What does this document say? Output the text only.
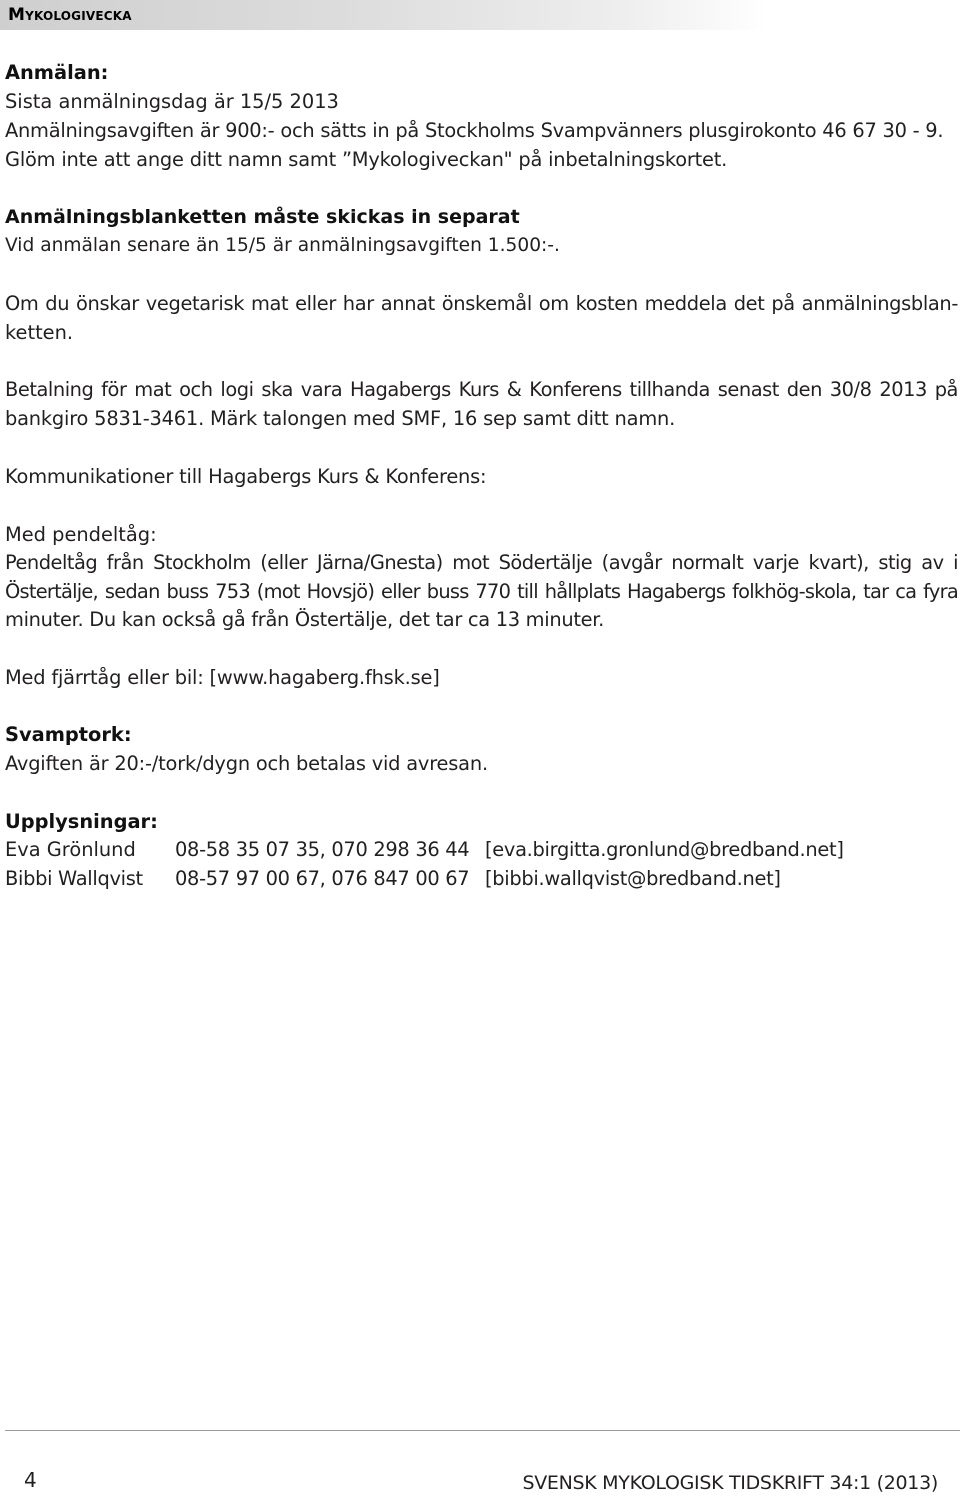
Mykologivecka
Anmälan:
Sista anmälningsdag är 15/5 2013
Anmälningsavgiften är 900:- och sätts in på Stockholms Svampvänners plusgirokonto 46 67 30 - 9.
Glöm inte att ange ditt namn samt ”Mykologiveckan" på inbetalningskortet.
Anmälningsblanketten måste skickas in separat
Vid anmälan senare än 15/5 är anmälningsavgiften 1.500:-.
Om du önskar vegetarisk mat eller har annat önskemål om kosten meddela det på anmälningsblan-
ketten.
Betalning för mat och logi ska vara Hagabergs Kurs & Konferens tillhanda senast den 30/8 2013 på
bankgiro 5831-3461. Märk talongen med SMF, 16 sep samt ditt namn.
Kommunikationer till Hagabergs Kurs & Konferens:
Med pendeltåg:
Pendeltåg från Stockholm (eller Järna/Gnesta) mot Södertälje (avgår normalt varje kvart), stig av i
Östertälje, sedan buss 753 (mot Hovsjö) eller buss 770 till hållplats Hagabergs folkhög-skola, tar ca fyra
minuter. Du kan också gå från Östertälje, det tar ca 13 minuter.
Med fjärrtåg eller bil: [www.hagaberg.fhsk.se]
Svamptork:
Avgiften är 20:-/tork/dygn och betalas vid avresan.
Upplysningar:
Eva Grönlund 08-58 35 07 35, 070 298 36 44 [eva.birgitta.gronlund@bredband.net]
Bibbi Wallqvist 08-57 97 00 67, 076 847 00 67 [bibbi.wallqvist@bredband.net]
4	SVENSK MYKOLOGISK TIDSKRIFT 34:1 (2013)
